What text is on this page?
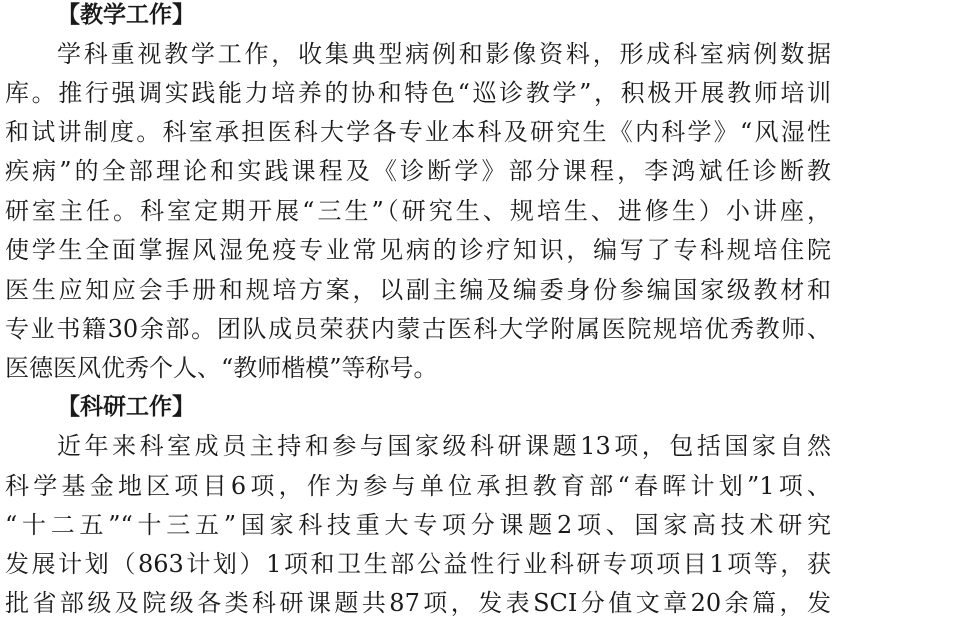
【教学工作】
学科重视教学工作，收集典型病例和影像资料，形成科室病例数据
库。推行强调实践能力培养的协和特色“巡诊教学”，积极开展教师培训
和试讲制度。科室承担医科大学各专业本科及研究生《内科学》“风湿性
疾病”的全部理论和实践课程及《诊断学》部分课程，李鸿斌任诊断教
研室主任。科室定期开展“三生”（研究生、规培生、进修生）小讲座，
使学生全面掌握风湿免疫专业常见病的诊疗知识，编写了专科规培住院
医生应知应会手册和规培方案，以副主编及编委身份参编国家级教材和
专业书籍30余部。团队成员荣获内蒙古医科大学附属医院规培优秀教师、
医德医风优秀个人、“教师楷模”等称号。
【科研工作】
近年来科室成员主持和参与国家级科研课题13项，包括国家自然
科学基金地区项目6项，作为参与单位承担教育部“春晖计划”1项、
“十二五”“十三五”国家科技重大专项分课题2项、国家高技术研究
发展计划（863计划）1项和卫生部公益性行业科研专项项目1项等，获
批省部级及院级各类科研课题共87项，发表SCI分值文章20余篇，发
